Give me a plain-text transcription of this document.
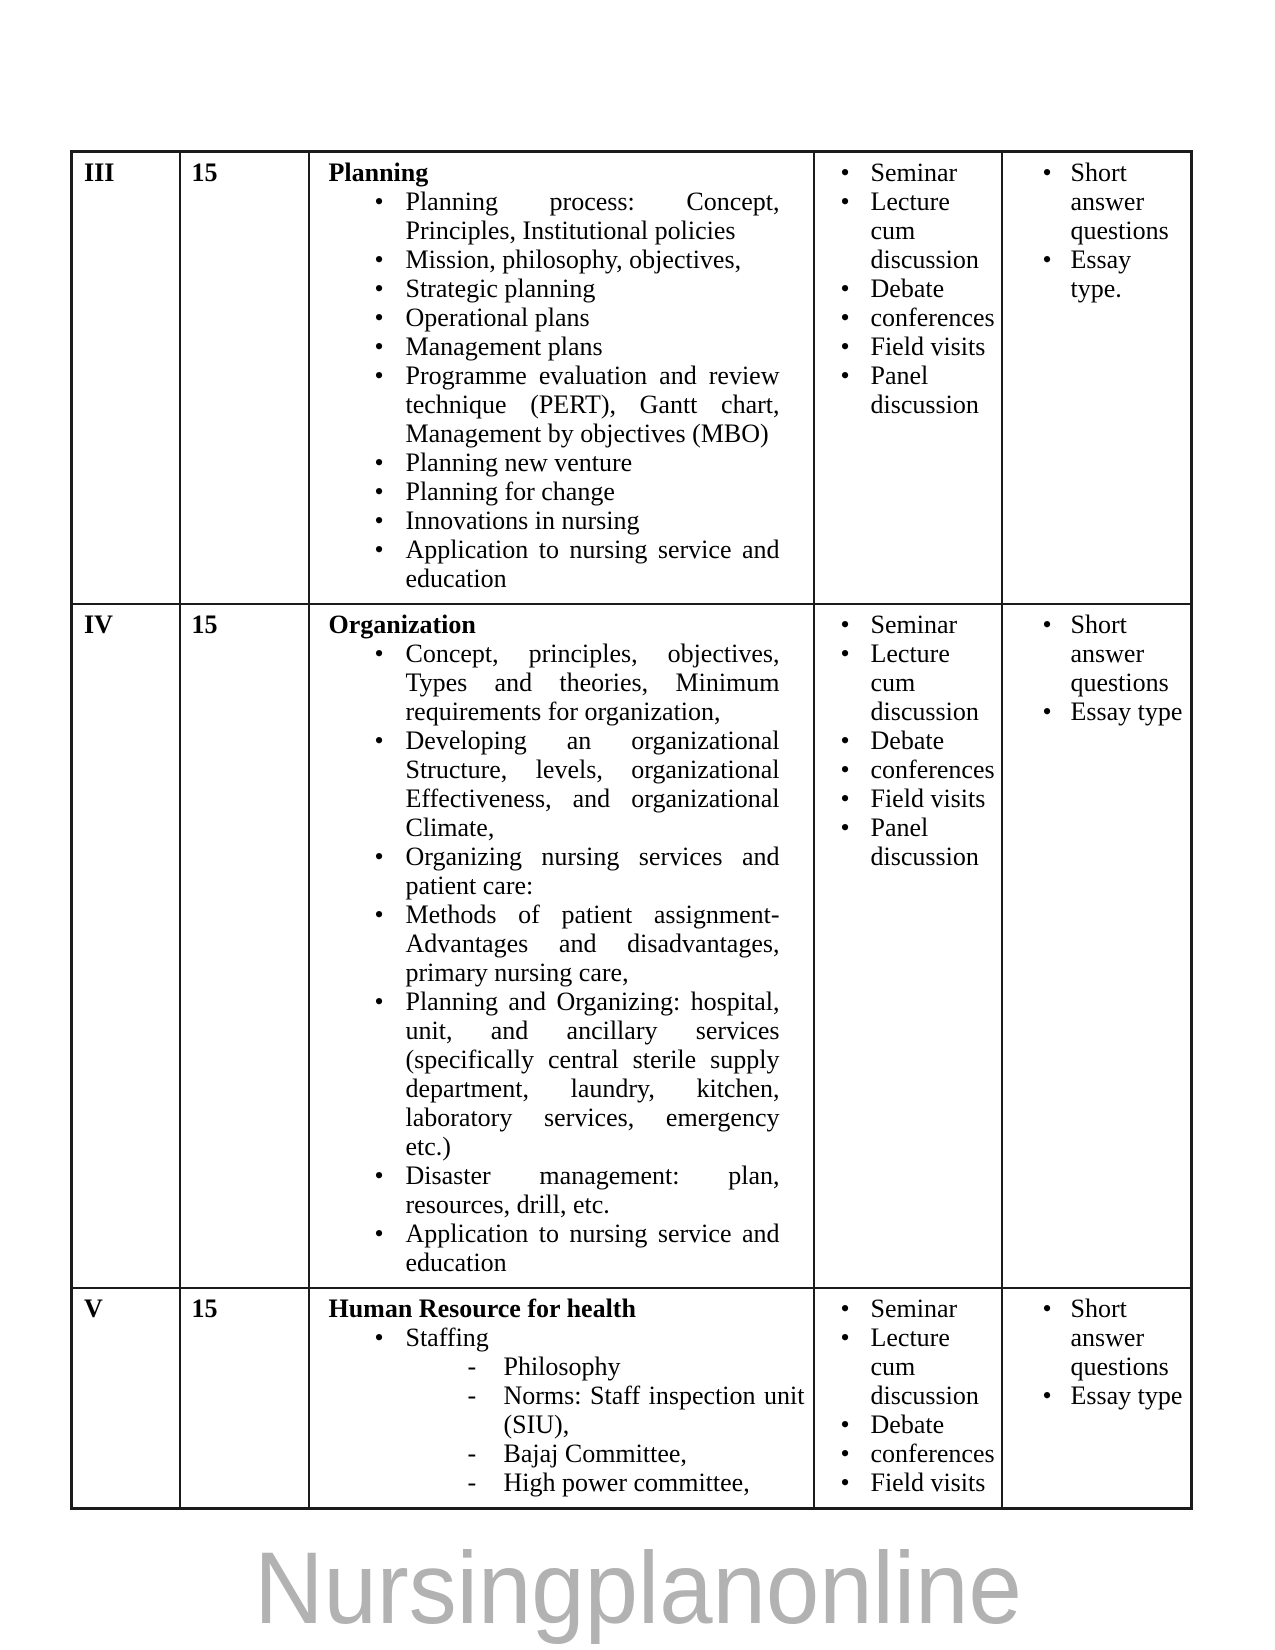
III	15	Planning
• Planning process: Concept, Principles, Institutional policies
• Mission, philosophy, objectives,
• Strategic planning
• Operational plans
• Management plans
• Programme evaluation and review technique (PERT), Gantt chart, Management by objectives (MBO)
• Planning new venture
• Planning for change
• Innovations in nursing
• Application to nursing service and education

• Seminar
• Lecture cum discussion
• Debate
• conferences
• Field visits
• Panel discussion

• Short answer questions
• Essay type.

IV	15	Organization
• Concept, principles, objectives, Types and theories, Minimum requirements for organization,
• Developing an organizational Structure, levels, organizational Effectiveness, and organizational Climate,
• Organizing nursing services and patient care:
• Methods of patient assignment- Advantages and disadvantages, primary nursing care,
• Planning and Organizing: hospital, unit, and ancillary services (specifically central sterile supply department, laundry, kitchen, laboratory services, emergency etc.)
• Disaster management: plan, resources, drill, etc.
• Application to nursing service and education

• Seminar
• Lecture cum discussion
• Debate
• conferences
• Field visits
• Panel discussion

• Short answer questions
• Essay type

V	15	Human Resource for health
• Staffing
- Philosophy
- Norms: Staff inspection unit (SIU),
- Bajaj Committee,
- High power committee,

• Seminar
• Lecture cum discussion
• Debate
• conferences
• Field visits

• Short answer questions
• Essay type
Nursingplanonline
